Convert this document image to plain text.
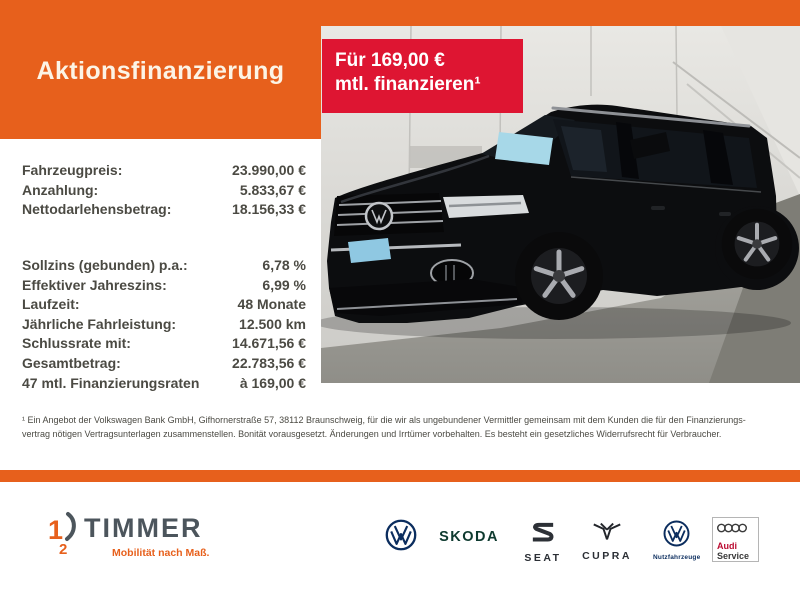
Aktionsfinanzierung	Für 169,00 €
mtl. finanzieren¹
Fahrzeugpreis:	23.990,00 €
Anzahlung:	5.833,67 €
Nettodarlehensbetrag:	18.156,33 €
Sollzins (gebunden) p.a.:	6,78 %
Effektiver Jahreszins:	6,99 %
Laufzeit:	48 Monate
Jährliche Fahrleistung:	12.500 km
Schlussrate mit:	14.671,56 €
Gesamtbetrag:	22.783,56 €
47 mtl. Finanzierungsraten	à 169,00 €
¹ Ein Angebot der Volkswagen Bank GmbH, Gifhornerstraße 57, 38112 Braunschweig, für die wir als ungebundener Vermittler gemeinsam mit dem Kunden die für den Finanzierungs-
vertrag nötigen Vertragsunterlagen zusammenstellen. Bonität vorausgesetzt. Änderungen und Irrtümer vorbehalten. Es besteht ein gesetzliches Widerrufsrecht für Verbraucher.
1
2
TIMMER
Mobilität nach Maß.
SKODA
SEAT	CUPRA	Nutzfahrzeuge
Audi
Service
